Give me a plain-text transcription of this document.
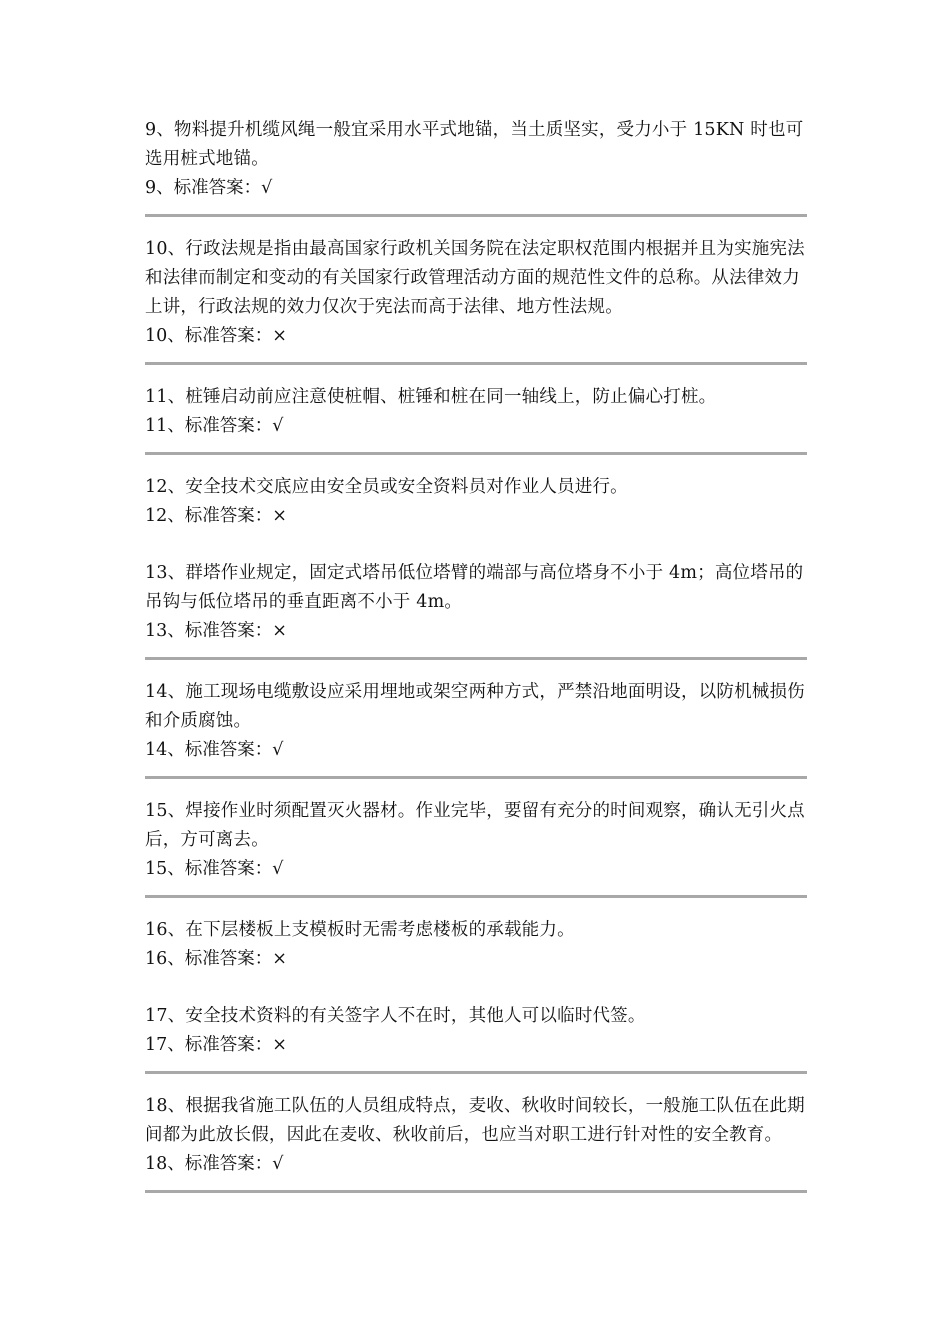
9、物料提升机缆风绳一般宜采用水平式地锚，当土质坚实，受力小于 15KN 时也可选用桩式地锚。

9、标准答案：√

10、行政法规是指由最高国家行政机关国务院在法定职权范围内根据并且为实施宪法和法律而制定和变动的有关国家行政管理活动方面的规范性文件的总称。从法律效力上讲，行政法规的效力仅次于宪法而高于法律、地方性法规。

10、标准答案：×

11、桩锤启动前应注意使桩帽、桩锤和桩在同一轴线上，防止偏心打桩。

11、标准答案：√

12、安全技术交底应由安全员或安全资料员对作业人员进行。

12、标准答案：×

13、群塔作业规定，固定式塔吊低位塔臂的端部与高位塔身不小于 4m；高位塔吊的吊钩与低位塔吊的垂直距离不小于 4m。

13、标准答案：×

14、施工现场电缆敷设应采用埋地或架空两种方式，严禁沿地面明设，以防机械损伤和介质腐蚀。

14、标准答案：√

15、焊接作业时须配置灭火器材。作业完毕，要留有充分的时间观察，确认无引火点后，方可离去。

15、标准答案：√

16、在下层楼板上支模板时无需考虑楼板的承载能力。

16、标准答案：×

17、安全技术资料的有关签字人不在时，其他人可以临时代签。

17、标准答案：×

18、根据我省施工队伍的人员组成特点，麦收、秋收时间较长，一般施工队伍在此期间都为此放长假，因此在麦收、秋收前后，也应当对职工进行针对性的安全教育。

18、标准答案：√
